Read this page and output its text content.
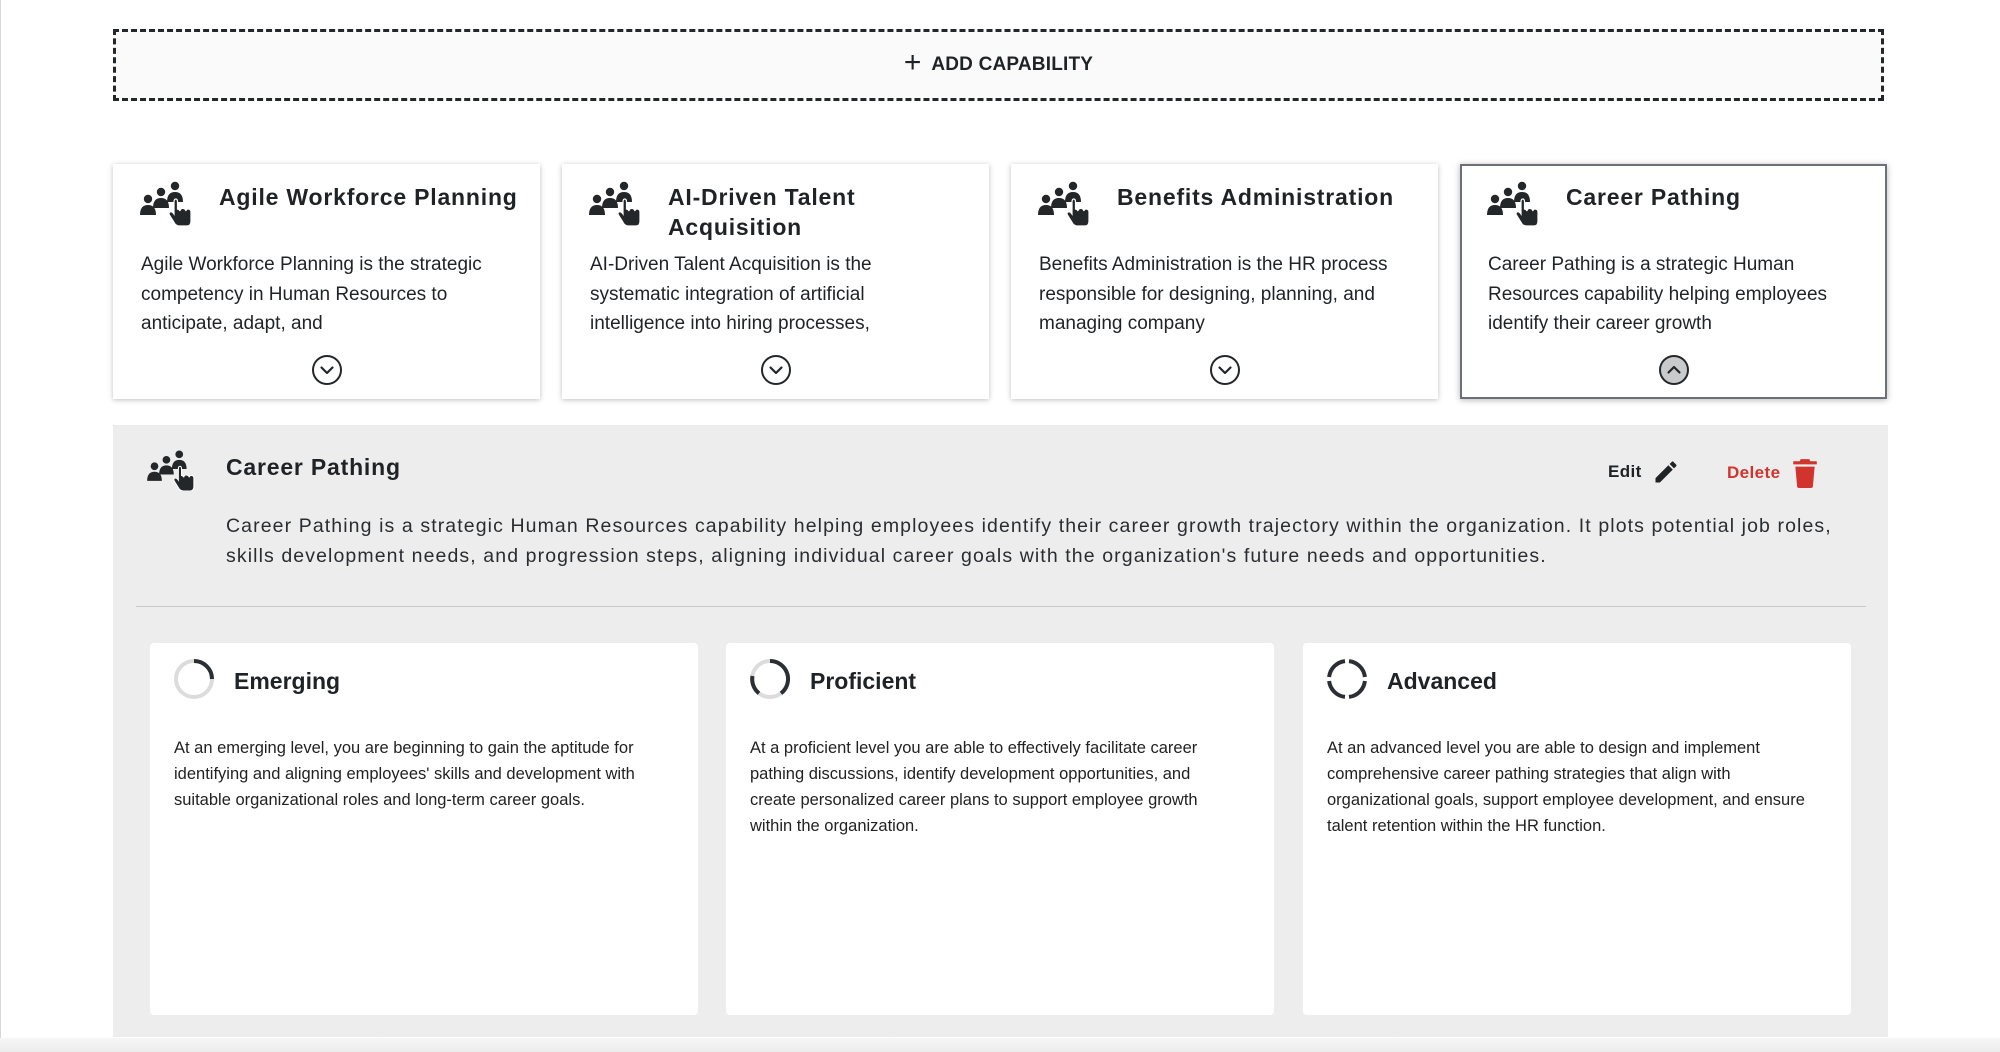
+ ADD CAPABILITY
Agile Workforce Planning
Agile Workforce Planning is the strategic competency in Human Resources to anticipate, adapt, and
AI-Driven Talent Acquisition
AI-Driven Talent Acquisition is the systematic integration of artificial intelligence into hiring processes,
Benefits Administration
Benefits Administration is the HR process responsible for designing, planning, and managing company
Career Pathing
Career Pathing is a strategic Human Resources capability helping employees identify their career growth
Career Pathing	Edit	Delete
Career Pathing is a strategic Human Resources capability helping employees identify their career growth trajectory within the organization. It plots potential job roles, skills development needs, and progression steps, aligning individual career goals with the organization's future needs and opportunities.
Emerging
At an emerging level, you are beginning to gain the aptitude for identifying and aligning employees' skills and development with suitable organizational roles and long-term career goals.
Proficient
At a proficient level you are able to effectively facilitate career pathing discussions, identify development opportunities, and create personalized career plans to support employee growth within the organization.
Advanced
At an advanced level you are able to design and implement comprehensive career pathing strategies that align with organizational goals, support employee development, and ensure talent retention within the HR function.
